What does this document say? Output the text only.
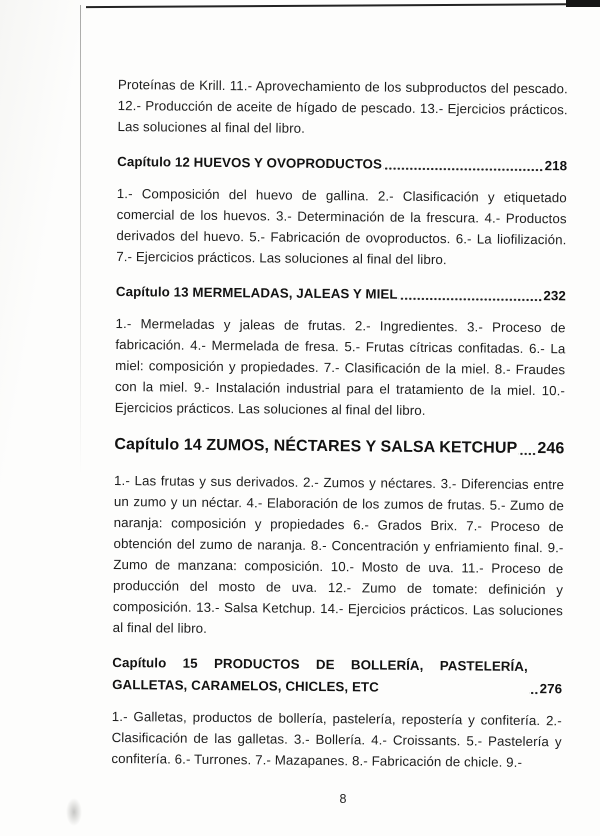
Proteínas de Krill. 11.- Aprovechamiento de los subproductos del pescado. 12.- Producción de aceite de hígado de pescado. 13.- Ejercicios prácticos. Las soluciones al final del libro.

Capítulo 12 HUEVOS Y OVOPRODUCTOS	218

1.- Composición del huevo de gallina. 2.- Clasificación y etiquetado comercial de los huevos. 3.- Determinación de la frescura. 4.- Productos derivados del huevo. 5.- Fabricación de ovoproductos. 6.- La liofilización. 7.- Ejercicios prácticos. Las soluciones al final del libro.

Capítulo 13 MERMELADAS, JALEAS Y MIEL	232

1.- Mermeladas y jaleas de frutas. 2.- Ingredientes. 3.- Proceso de fabricación. 4.- Mermelada de fresa. 5.- Frutas cítricas confitadas. 6.- La miel: composición y propiedades. 7.- Clasificación de la miel. 8.- Fraudes con la miel. 9.- Instalación industrial para el tratamiento de la miel. 10.- Ejercicios prácticos. Las soluciones al final del libro.

Capítulo 14 ZUMOS, NÉCTARES Y SALSA KETCHUP 246

1.- Las frutas y sus derivados. 2.- Zumos y néctares. 3.- Diferencias entre un zumo y un néctar. 4.- Elaboración de los zumos de frutas. 5.- Zumo de naranja: composición y propiedades 6.- Grados Brix. 7.- Proceso de obtención del zumo de naranja. 8.- Concentración y enfriamiento final. 9.- Zumo de manzana: composición. 10.- Mosto de uva. 11.- Proceso de producción del mosto de uva. 12.- Zumo de tomate: definición y composición. 13.- Salsa Ketchup. 14.- Ejercicios prácticos. Las soluciones al final del libro.

Capítulo 15 PRODUCTOS DE BOLLERÍA, PASTELERÍA, GALLETAS, CARAMELOS, CHICLES, ETC	276

1.- Galletas, productos de bollería, pastelería, repostería y confitería. 2.- Clasificación de las galletas. 3.- Bollería. 4.- Croissants. 5.- Pastelería y confitería. 6.- Turrones. 7.- Mazapanes. 8.- Fabricación de chicle. 9.-

8
